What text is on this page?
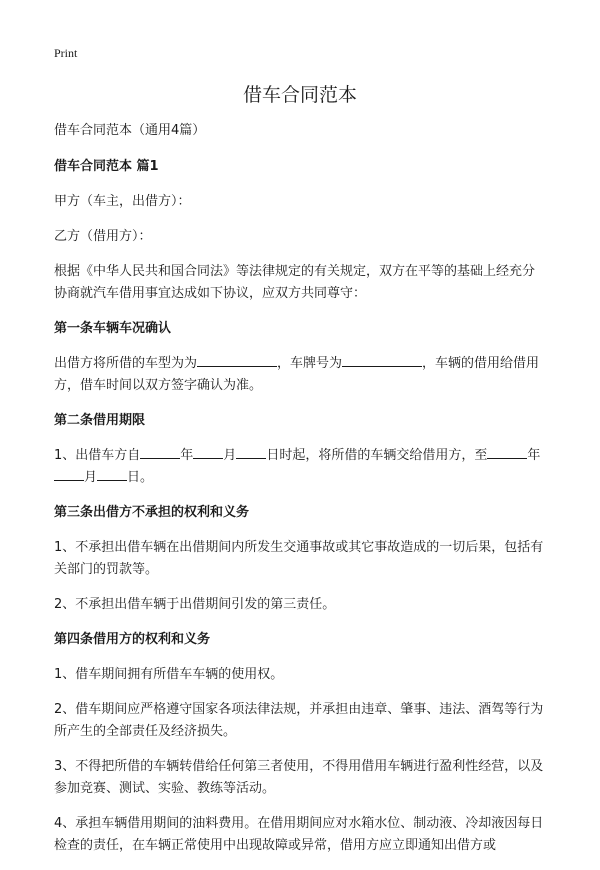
Print
借车合同范本

借车合同范本（通用4篇）

借车合同范本 篇1

甲方（车主，出借方）：

乙方（借用方）：

根据《中华人民共和国合同法》等法律规定的有关规定，双方在平等的基础上经充分协商就汽车借用事宜达成如下协议，应双方共同尊守：

第一条车辆车况确认

出借方将所借的车型为为	，车牌号为	，车辆的借用给借用方，借车时间以双方签字确认为准。

第二条借用期限

1、出借车方自	年 月 日时起，将所借的车辆交给借用方，至	年月 日。

第三条出借方不承担的权利和义务

1、不承担出借车辆在出借期间内所发生交通事故或其它事故造成的一切后果，包括有关部门的罚款等。

2、不承担出借车辆于出借期间引发的第三责任。

第四条借用方的权利和义务

1、借车期间拥有所借车车辆的使用权。

2、借车期间应严格遵守国家各项法律法规，并承担由违章、肇事、违法、酒驾等行为所产生的全部责任及经济损失。

3、不得把所借的车辆转借给任何第三者使用，不得用借用车辆进行盈利性经营，以及参加竞赛、测试、实验、教练等活动。

4、承担车辆借用期间的油料费用。在借用期间应对水箱水位、制动液、冷却液因每日检查的责任，在车辆正常使用中出现故障或异常，借用方应立即通知出借方或
